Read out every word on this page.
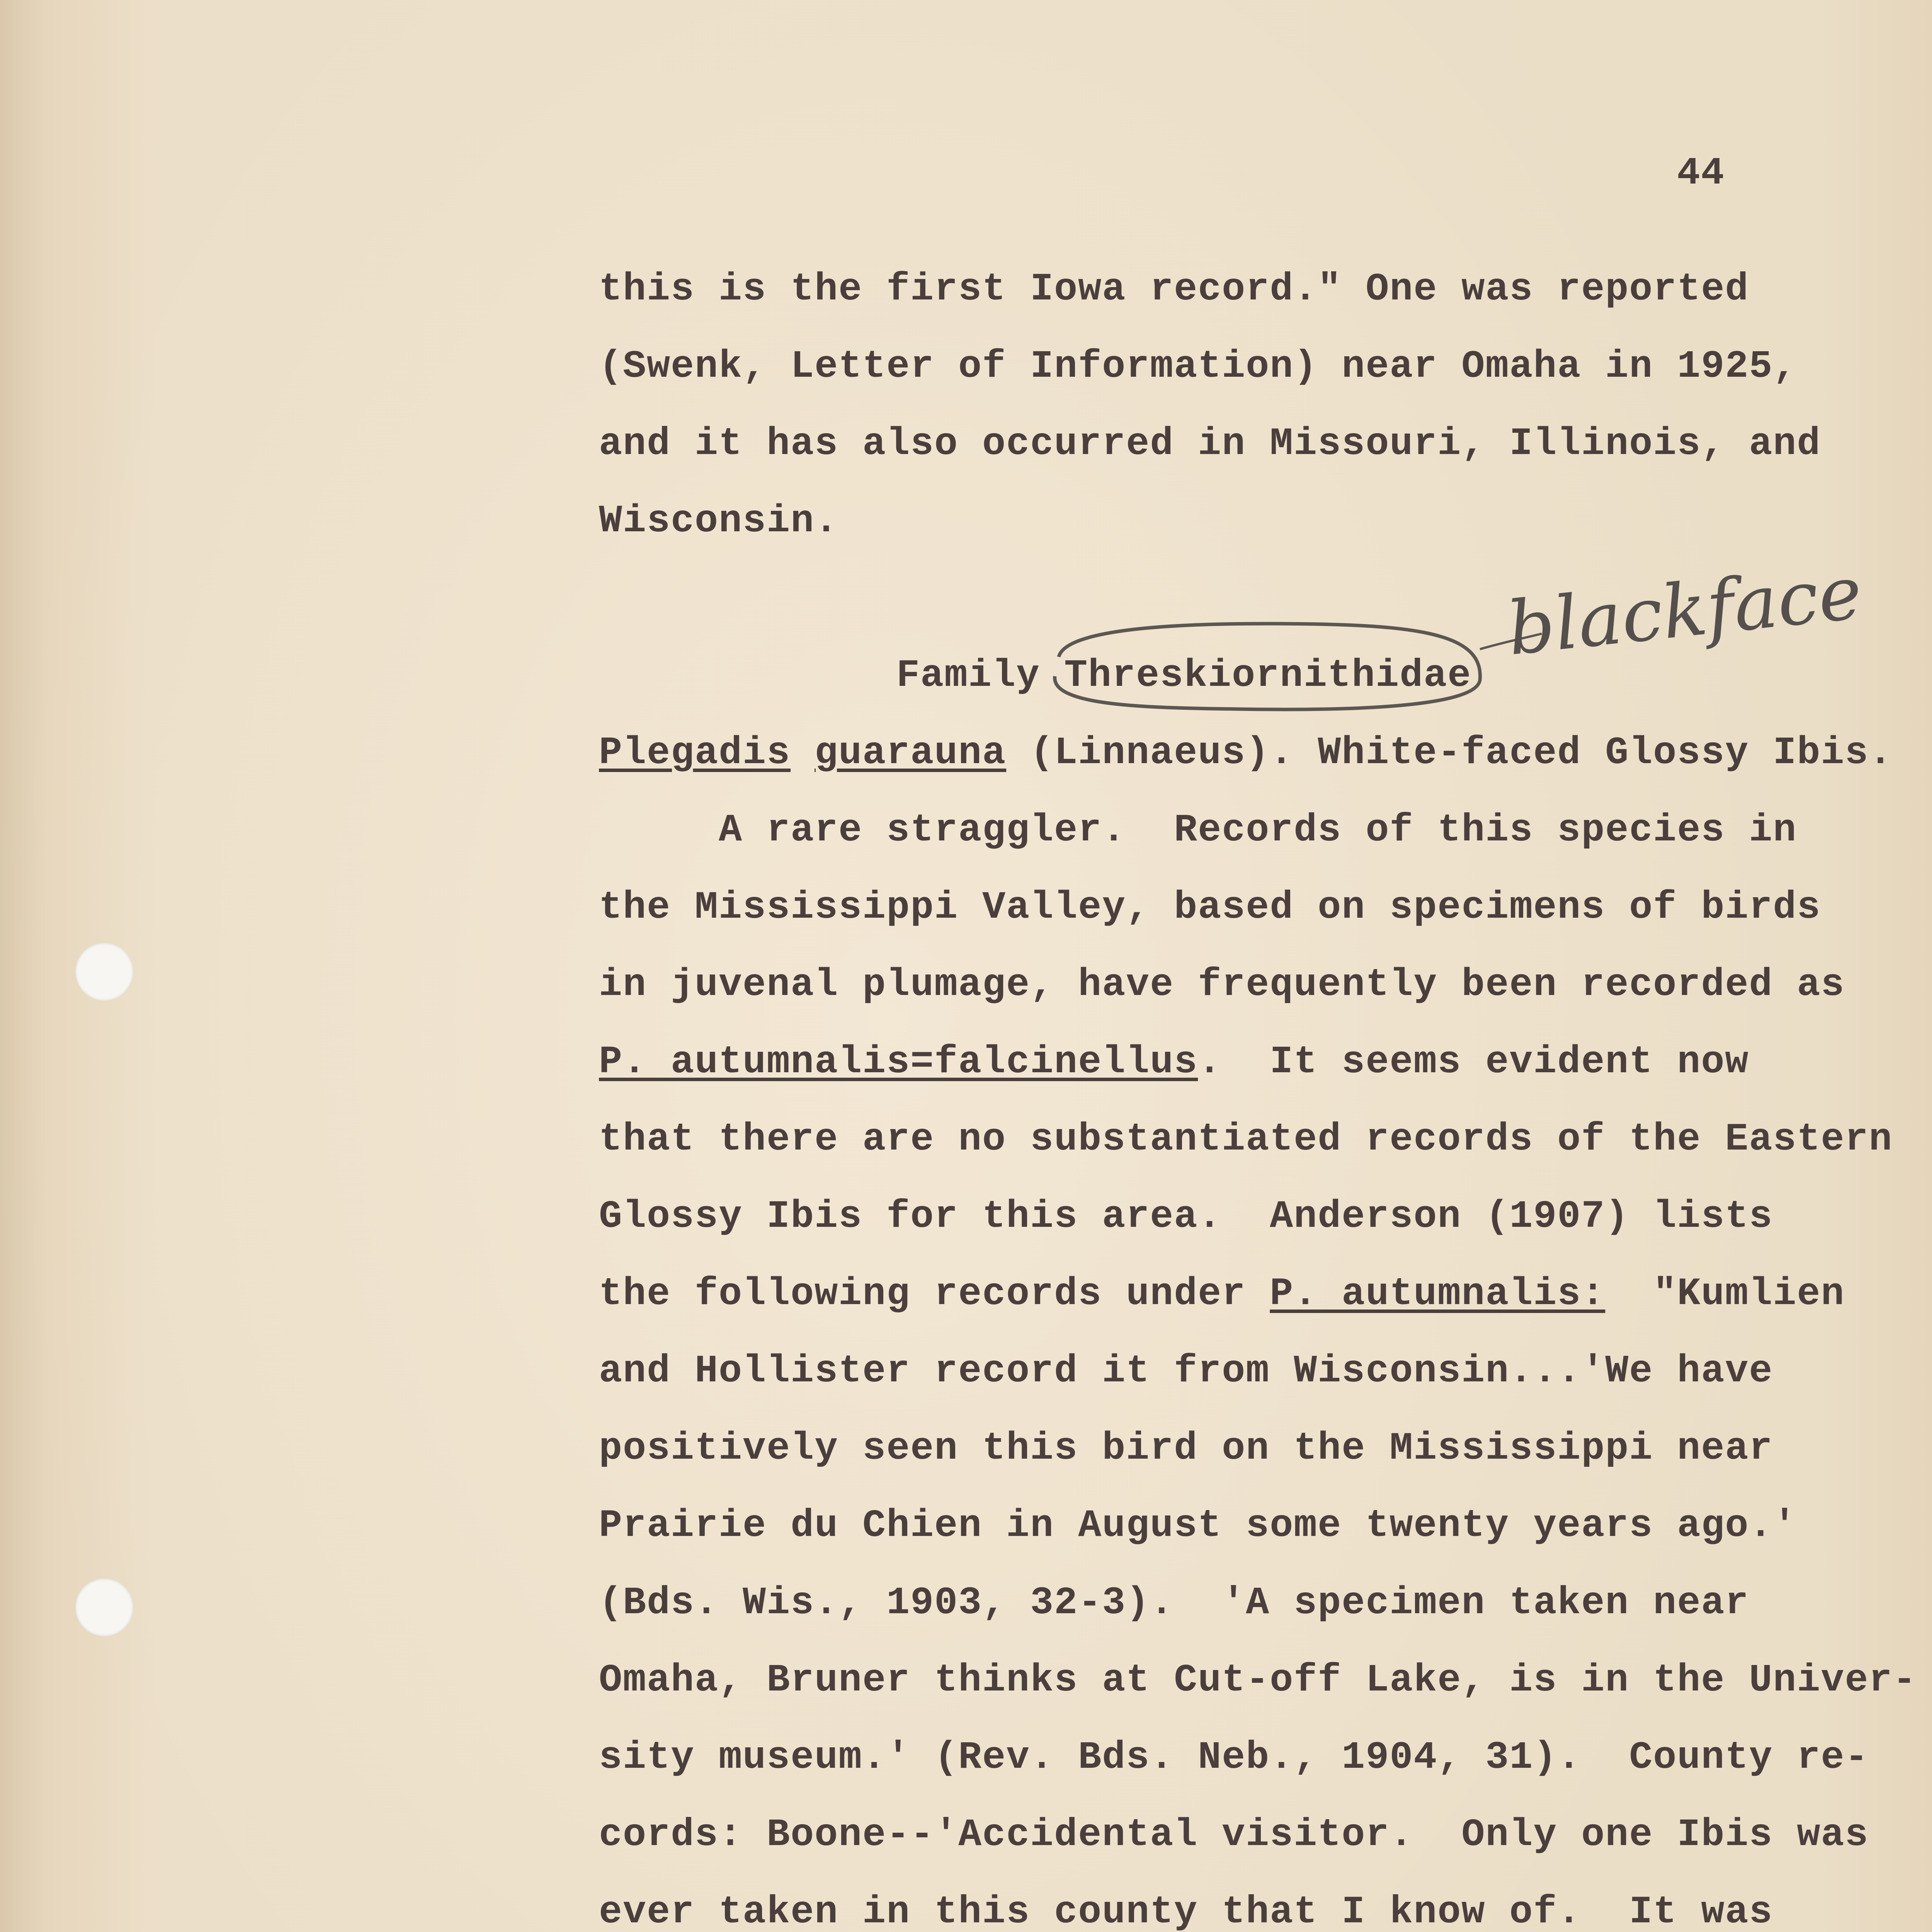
44
this is the first Iowa record." One was reported
(Swenk, Letter of Information) near Omaha in 1925,
and it has also occurred in Missouri, Illinois, and
Wisconsin.
Family Threskiornithidae
blackface
Plegadis guarauna (Linnaeus). White-faced Glossy Ibis.
A rare straggler.  Records of this species in
the Mississippi Valley, based on specimens of birds
in juvenal plumage, have frequently been recorded as
P. autumnalis=falcinellus.  It seems evident now
that there are no substantiated records of the Eastern
Glossy Ibis for this area.  Anderson (1907) lists
the following records under P. autumnalis:  "Kumlien
and Hollister record it from Wisconsin...'We have
positively seen this bird on the Mississippi near
Prairie du Chien in August some twenty years ago.'
(Bds. Wis., 1903, 32-3).  'A specimen taken near
Omaha, Bruner thinks at Cut-off Lake, is in the Univer-
sity museum.' (Rev. Bds. Neb., 1904, 31).  County re-
cords: Boone--'Accidental visitor.  Only one Ibis was
ever taken in this county that I know of.  It was
